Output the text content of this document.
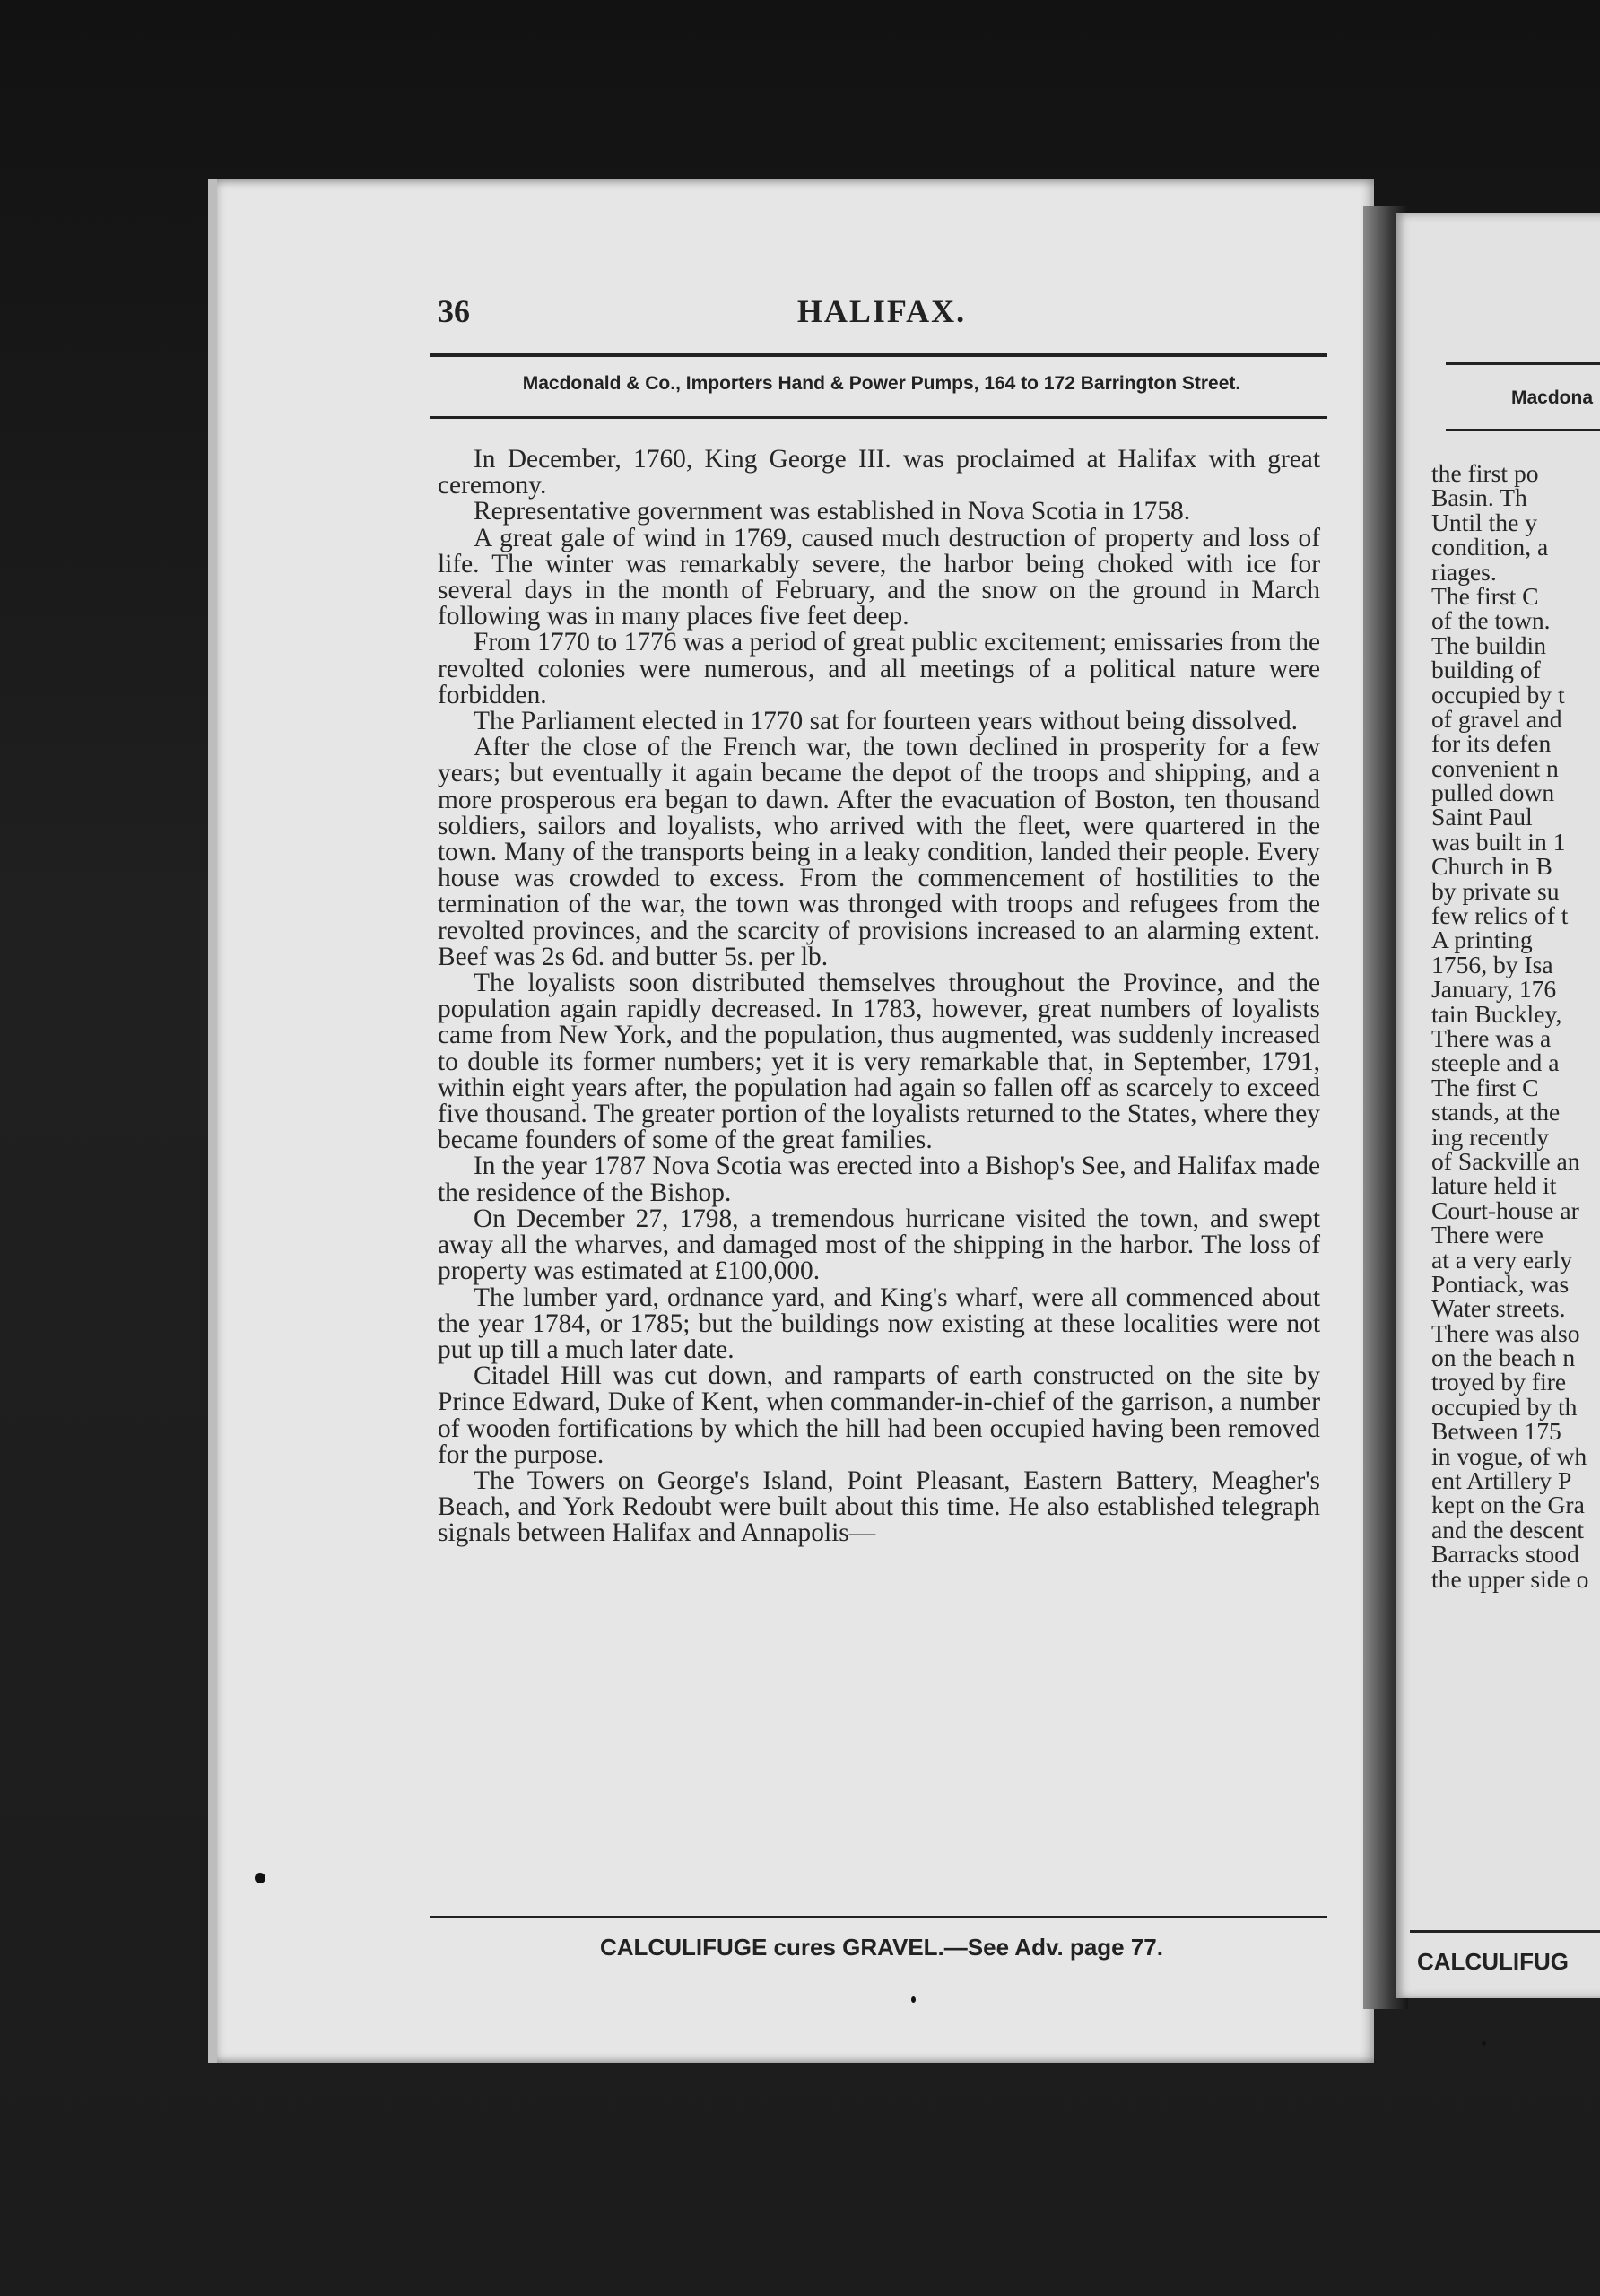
36	HALIFAX.
Macdonald & Co., Importers Hand & Power Pumps, 164 to 172 Barrington Street.

In December, 1760, King George III. was proclaimed at Halifax with great ceremony.

Representative government was established in Nova Scotia in 1758.

A great gale of wind in 1769, caused much destruction of property and loss of life. The winter was remarkably severe, the harbor being choked with ice for several days in the month of February, and the snow on the ground in March following was in many places five feet deep.

From 1770 to 1776 was a period of great public excitement; emissaries from the revolted colonies were numerous, and all meetings of a political nature were forbidden.

The Parliament elected in 1770 sat for fourteen years without being dissolved.

After the close of the French war, the town declined in prosperity for a few years; but eventually it again became the depot of the troops and shipping, and a more prosperous era began to dawn. After the evacuation of Boston, ten thousand soldiers, sailors and loyalists, who arrived with the fleet, were quartered in the town. Many of the transports being in a leaky condition, landed their people. Every house was crowded to excess. From the commencement of hostilities to the termination of the war, the town was thronged with troops and refugees from the revolted provinces, and the scarcity of provisions increased to an alarming extent. Beef was 2s 6d. and butter 5s. per lb.

The loyalists soon distributed themselves throughout the Province, and the population again rapidly decreased. In 1783, however, great numbers of loyalists came from New York, and the population, thus augmented, was suddenly increased to double its former numbers; yet it is very remarkable that, in September, 1791, within eight years after, the population had again so fallen off as scarcely to exceed five thousand. The greater portion of the loyalists returned to the States, where they became founders of some of the great families.

In the year 1787 Nova Scotia was erected into a Bishop's See, and Halifax made the residence of the Bishop.

On December 27, 1798, a tremendous hurricane visited the town, and swept away all the wharves, and damaged most of the shipping in the harbor. The loss of property was estimated at £100,000.

The lumber yard, ordnance yard, and King's wharf, were all commenced about the year 1784, or 1785; but the buildings now existing at these localities were not put up till a much later date.

Citadel Hill was cut down, and ramparts of earth constructed on the site by Prince Edward, Duke of Kent, when commander-in-chief of the garrison, a number of wooden fortifications by which the hill had been occupied having been removed for the purpose.

The Towers on George's Island, Point Pleasant, Eastern Battery, Meagher's Beach, and York Redoubt were built about this time. He also established telegraph signals between Halifax and Annapolis—

CALCULIFUGE cures GRAVEL.—See Adv. page 77.
Macdona
the first po
Basin. Th
Until the y
condition, a
riages.
The first C
of the town.
The buildin
building of
occupied by t
of gravel and
for its defen
convenient n
pulled down
Saint Paul
was built in 1
Church in B
by private su
few relics of t
A printing
1756, by Isa
January, 176
tain Buckley,
There was a
steeple and a
The first C
stands, at the
ing recently
of Sackville an
lature held it
Court-house ar
There were
at a very early
Pontiack, was
Water streets.
There was also
on the beach n
troyed by fire
occupied by th
Between 175
in vogue, of wh
ent Artillery P
kept on the Gra
and the descent
Barracks stood
the upper side o
CALCULIFUG
